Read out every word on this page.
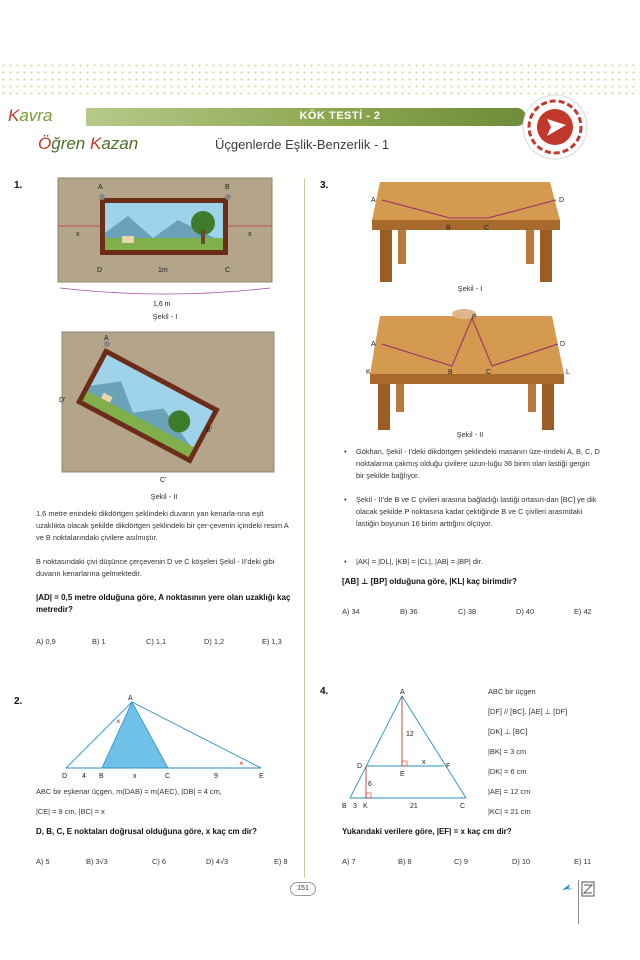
Kavra
Öğren Kazan
KÖK TESTİ - 2
Üçgenlerde Eşlik-Benzerlik - 1
1.	A	B
D	C
x	x
1m
1,6 m
Şekil - I
A
D'
B'
C'
Şekil - II
1,6 metre enindeki dikdörtgen şeklindeki duvarın yan kenarla-rına eşit uzaklıkta olacak şekilde dikdörtgen şeklindeki bir çer-çevenin içindeki resim A ve B noktalarındaki çivilere asılmıştır.
B noktasındaki çivi düşünce çerçevenin D ve C köşeleri Şekil - II'deki gibi duvarın kenarlarına gelmektedir.
|AD| = 0,5 metre olduğuna göre, A noktasının yere olan uzaklığı kaç metredir?
A) 0,9	B) 1	C) 1,1	D) 1,2	E) 1,3
2.	A
D 4 B	x	C	9	E
×
×
ABC bir eşkenar üçgen, m(DAB) = m(AEC), |DB| = 4 cm,
|CE| = 9 cm, |BC| = x
D, B, C, E noktaları doğrusal olduğuna göre, x kaç cm dir?
A) 5	B) 3√3	C) 6	D) 4√3	E) 8
3.
A
B	C
D
Şekil - I
A
P
D
K	B	C	L
Şekil - II
• Gökhan, Şekil - I'deki dikdörtgen şeklindeki masanın üze-rindeki A, B, C, D noktalarına çakmış olduğu çivilere uzun-luğu 36 birim olan lastiği gergin bir şekilde bağlıyor.
• Şekil - II'de B ve C çivileri arasına bağladığı lastiği ortasın-dan [BC] ye dik olacak şekilde P noktasına kadar çektiğinde B ve C çivileri arasındaki lastiğin boyunun 16 birim arttığını ölçüyor.
• |AK| = |DL|, |KB| = |CL|, |AB| = |BP| dir.
[AB] ⊥ [BP] olduğuna göre, |KL| kaç birimdir?
A) 34	B) 36	C) 38	D) 40	E) 42
4.	A
12
D
E
x
F
6
B 3 K	21	C
ABC bir üçgen
[DF] // [BC], [AE] ⊥ [DF]
[DK] ⊥ [BC]
|BK| = 3 cm
|DK| = 6 cm
|AE| = 12 cm
|KC| = 21 cm
Yukarıdaki verilere göre, |EF| = x kaç cm dir?
A) 7	B) 8	C) 9	D) 10	E) 11
151
